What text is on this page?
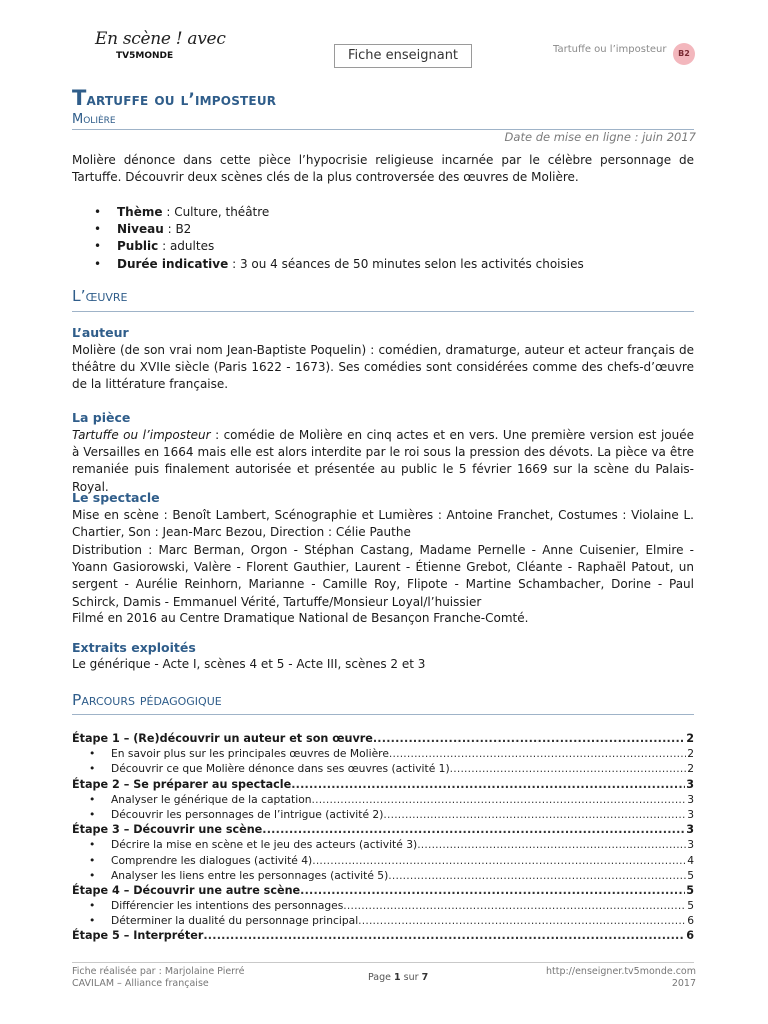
En scène ! avec
TV5MONDE	Fiche enseignant	Tartuffe ou l’imposteur	B2
Tartuffe ou l’imposteur
Molière
Date de mise en ligne : juin 2017
Molière dénonce dans cette pièce l’hypocrisie religieuse incarnée par le célèbre personnage de Tartuffe. Découvrir deux scènes clés de la plus controversée des œuvres de Molière.
• Thème : Culture, théâtre
• Niveau : B2
• Public : adultes
• Durée indicative : 3 ou 4 séances de 50 minutes selon les activités choisies
L’œuvre
L’auteur
Molière (de son vrai nom Jean-Baptiste Poquelin) : comédien, dramaturge, auteur et acteur français de théâtre du XVIIe siècle (Paris 1622 - 1673). Ses comédies sont considérées comme des chefs-d’œuvre de la littérature française.
La pièce
Tartuffe ou l’imposteur : comédie de Molière en cinq actes et en vers. Une première version est jouée à Versailles en 1664 mais elle est alors interdite par le roi sous la pression des dévots. La pièce va être remaniée puis finalement autorisée et présentée au public le 5 février 1669 sur la scène du Palais-Royal.
Le spectacle
Mise en scène : Benoît Lambert, Scénographie et Lumières : Antoine Franchet, Costumes : Violaine L. Chartier, Son : Jean-Marc Bezou, Direction : Célie Pauthe
Distribution : Marc Berman, Orgon - Stéphan Castang, Madame Pernelle - Anne Cuisenier, Elmire - Yoann Gasiorowski, Valère - Florent Gauthier, Laurent - Étienne Grebot, Cléante - Raphaël Patout, un sergent - Aurélie Reinhorn, Marianne - Camille Roy, Flipote - Martine Schambacher, Dorine - Paul Schirck, Damis - Emmanuel Vérité, Tartuffe/Monsieur Loyal/l’huissier
Filmé en 2016 au Centre Dramatique National de Besançon Franche-Comté.
Extraits exploités
Le générique - Acte I, scènes 4 et 5 - Acte III, scènes 2 et 3
Parcours pédagogique
Étape 1 – (Re)découvrir un auteur et son œuvre .....	2
•	En savoir plus sur les principales œuvres de Molière .....	2
•	Découvrir ce que Molière dénonce dans ses œuvres (activité 1) .....	2
Étape 2 – Se préparer au spectacle .....	3
•	Analyser le générique de la captation .....	3
•	Découvrir les personnages de l’intrigue (activité 2) .....	3
Étape 3 – Découvrir une scène .....	3
•	Décrire la mise en scène et le jeu des acteurs (activité 3) .....	3
•	Comprendre les dialogues (activité 4) .....	4
•	Analyser les liens entre les personnages (activité 5) .....	5
Étape 4 – Découvrir une autre scène .....	5
•	Différencier les intentions des personnages .....	5
•	Déterminer la dualité du personnage principal .....	6
Étape 5 – Interpréter .....	6
Fiche réalisée par : Marjolaine Pierré
CAVILAM – Alliance française	Page 1 sur 7
http://enseigner.tv5monde.com
2017
